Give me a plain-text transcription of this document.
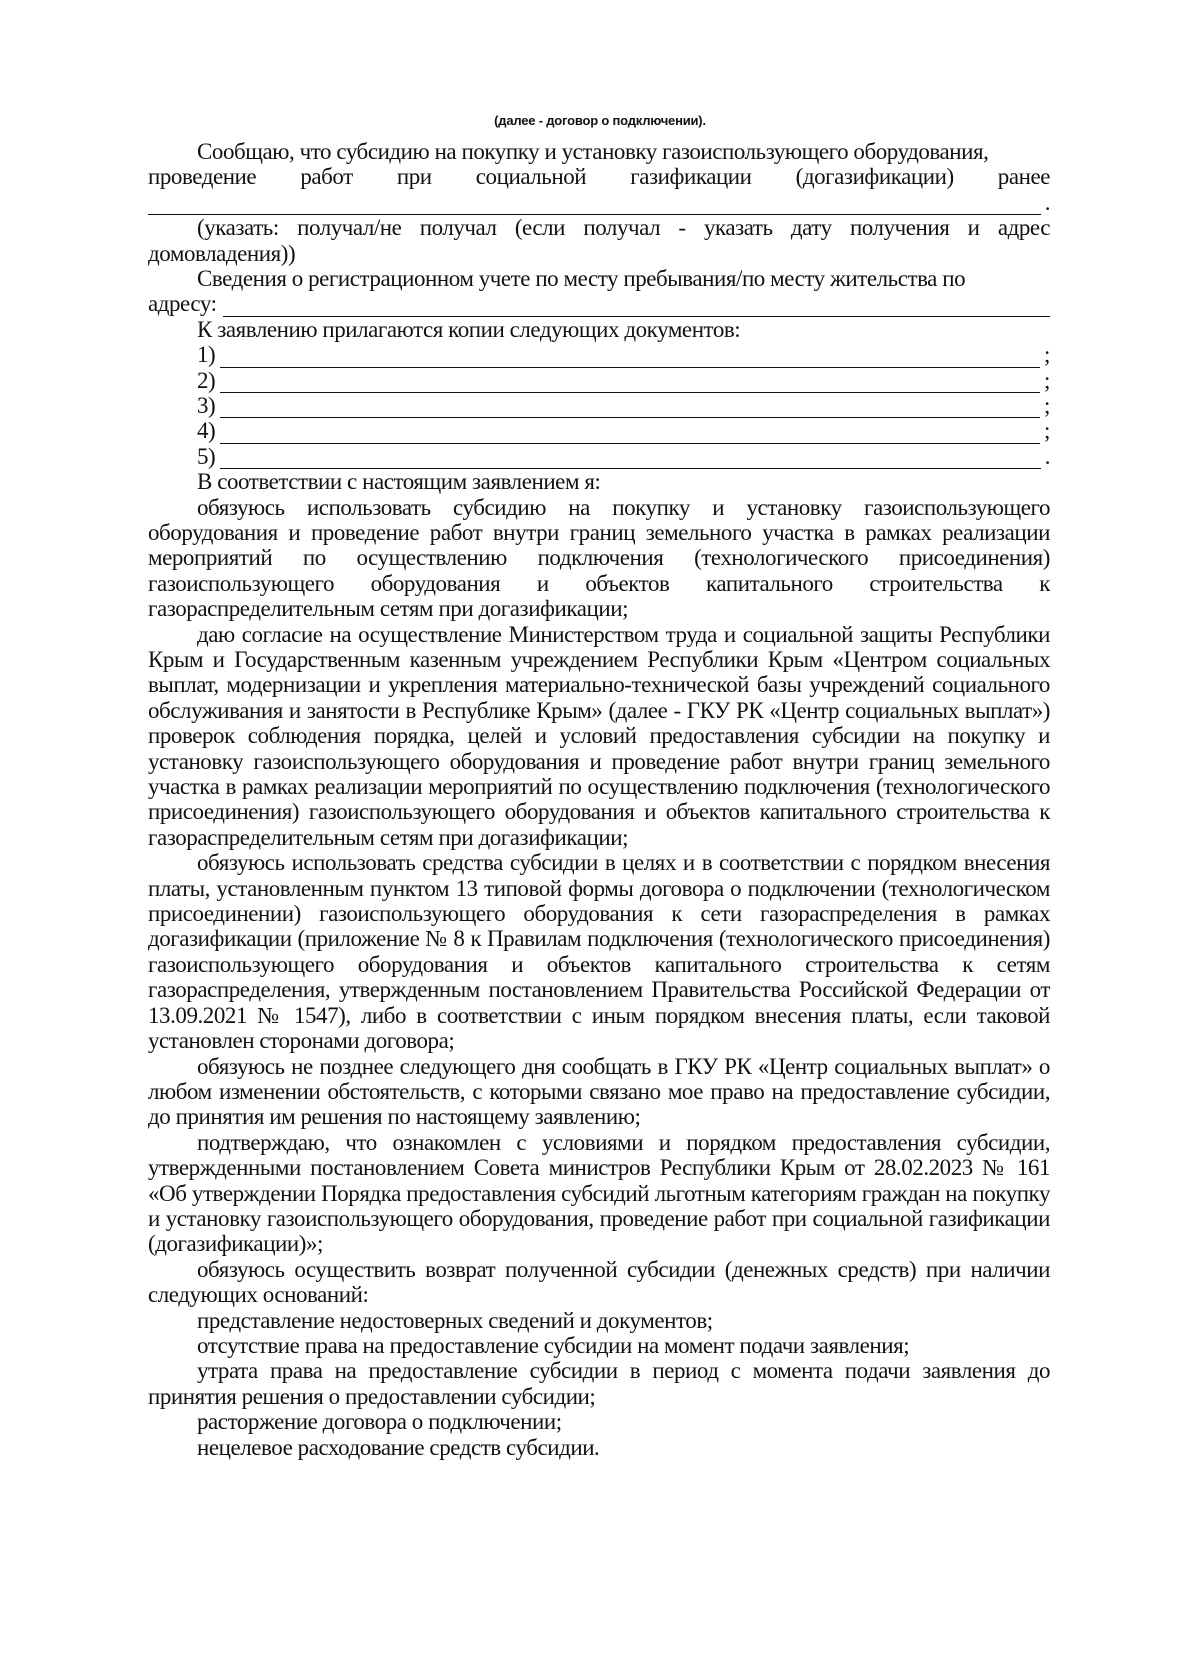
(далее - договор о подключении).

Сообщаю, что субсидию на покупку и установку газоиспользующего оборудования,

проведение работ при социальной газификации (догазификации) ранее

.

(указать: получал/не получал (если получал - указать дату получения и адрес домовладения))

Сведения о регистрационном учете по месту пребывания/по месту жительства по

адресу:

К заявлению прилагаются копии следующих документов:

1)	;
2)	;
3)	;
4)	;
5)	.

В соответствии с настоящим заявлением я:

обязуюсь использовать субсидию на покупку и установку газоиспользующего оборудования и проведение работ внутри границ земельного участка в рамках реализации мероприятий по осуществлению подключения (технологического присоединения) газоиспользующего оборудования и объектов капитального строительства к газораспределительным сетям при догазификации;

даю согласие на осуществление Министерством труда и социальной защиты Республики Крым и Государственным казенным учреждением Республики Крым «Центром социальных выплат, модернизации и укрепления материально-технической базы учреждений социального обслуживания и занятости в Республике Крым» (далее - ГКУ РК «Центр социальных выплат») проверок соблюдения порядка, целей и условий предоставления субсидии на покупку и установку газоиспользующего оборудования и проведение работ внутри границ земельного участка в рамках реализации мероприятий по осуществлению подключения (технологического присоединения) газоиспользующего оборудования и объектов капитального строительства к газораспределительным сетям при догазификации;

обязуюсь использовать средства субсидии в целях и в соответствии с порядком внесения платы, установленным пунктом 13 типовой формы договора о подключении (технологическом присоединении) газоиспользующего оборудования к сети газораспределения в рамках догазификации (приложение № 8 к Правилам подключения (технологического присоединения) газоиспользующего оборудования и объектов капитального строительства к сетям газораспределения, утвержденным постановлением Правительства Российской Федерации от 13.09.2021 № 1547), либо в соответствии с иным порядком внесения платы, если таковой установлен сторонами договора;

обязуюсь не позднее следующего дня сообщать в ГКУ РК «Центр социальных выплат» о любом изменении обстоятельств, с которыми связано мое право на предоставление субсидии, до принятия им решения по настоящему заявлению;

подтверждаю, что ознакомлен с условиями и порядком предоставления субсидии, утвержденными постановлением Совета министров Республики Крым от 28.02.2023 № 161 «Об утверждении Порядка предоставления субсидий льготным категориям граждан на покупку и установку газоиспользующего оборудования, проведение работ при социальной газификации (догазификации)»;

обязуюсь осуществить возврат полученной субсидии (денежных средств) при наличии следующих оснований:

представление недостоверных сведений и документов;

отсутствие права на предоставление субсидии на момент подачи заявления;

утрата права на предоставление субсидии в период с момента подачи заявления до принятия решения о предоставлении субсидии;

расторжение договора о подключении;

нецелевое расходование средств субсидии.
